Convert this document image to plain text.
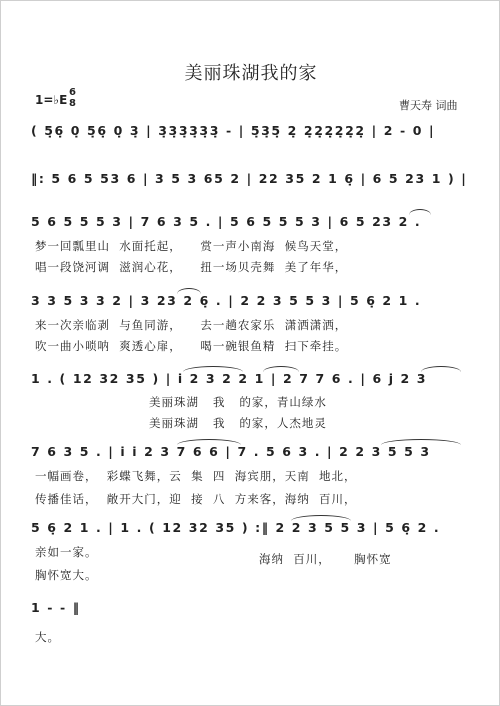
美丽珠湖我的家
1=♭E
6
8	曹天寿 词曲
( 5̣6̣ 0̣ 5̣6̣ 0̣ 3̣ | 3̣3̣3̣3̣3̣3̣ - | 5̣3̣5̣ 2̣ 2̣2̣2̣2̣2̣2̣ | 2 - 0 |
‖: 5 6 5 53 6 | 3 5 3 65 2 | 22 35 2 1 6̣ | 6 5 23 1 ) |
5 6 5 5 5 3 | 7 6 3 5 . | 5 6 5 5 5 3 | 6 5 23 2 .
梦一回瓢里山  水面托起，    赏一声小南海  候鸟天堂，
唱一段饶河调  滋润心花，    扭一场贝壳舞  美了年华，
3 3 5 3 3 2 | 3 23 2 6̣ . | 2 2 3 5 5 3 | 5 6̣ 2 1 .
来一次亲临剥  与鱼同游，    去一趟农家乐  潇洒潇洒，
吹一曲小唢呐  爽透心扉，    喝一碗银鱼精  扫下牵挂。
1 . ( 12 32 35 ) | i 2 3 2 2 1 | 2 7 7 6 . | 6 j 2 3
美丽珠湖   我   的家，青山绿水
美丽珠湖   我   的家，人杰地灵
7 6 3 5 . | i i 2 3 7 6 6 | 7 . 5 6 3 . | 2 2 3 5 5 3
一幅画卷，  彩蝶飞舞，云  集  四  海宾朋，天南  地北，
传播佳话，  敞开大门，迎  接  八  方来客，海纳  百川，
5 6̣ 2 1 . | 1 . ( 12 32 35 ) :‖ 2 2 3 5 5 3 | 5 6̣ 2 .
亲如一家。	海纳  百川，     胸怀宽
胸怀宽大。
1 - - ‖
大。
